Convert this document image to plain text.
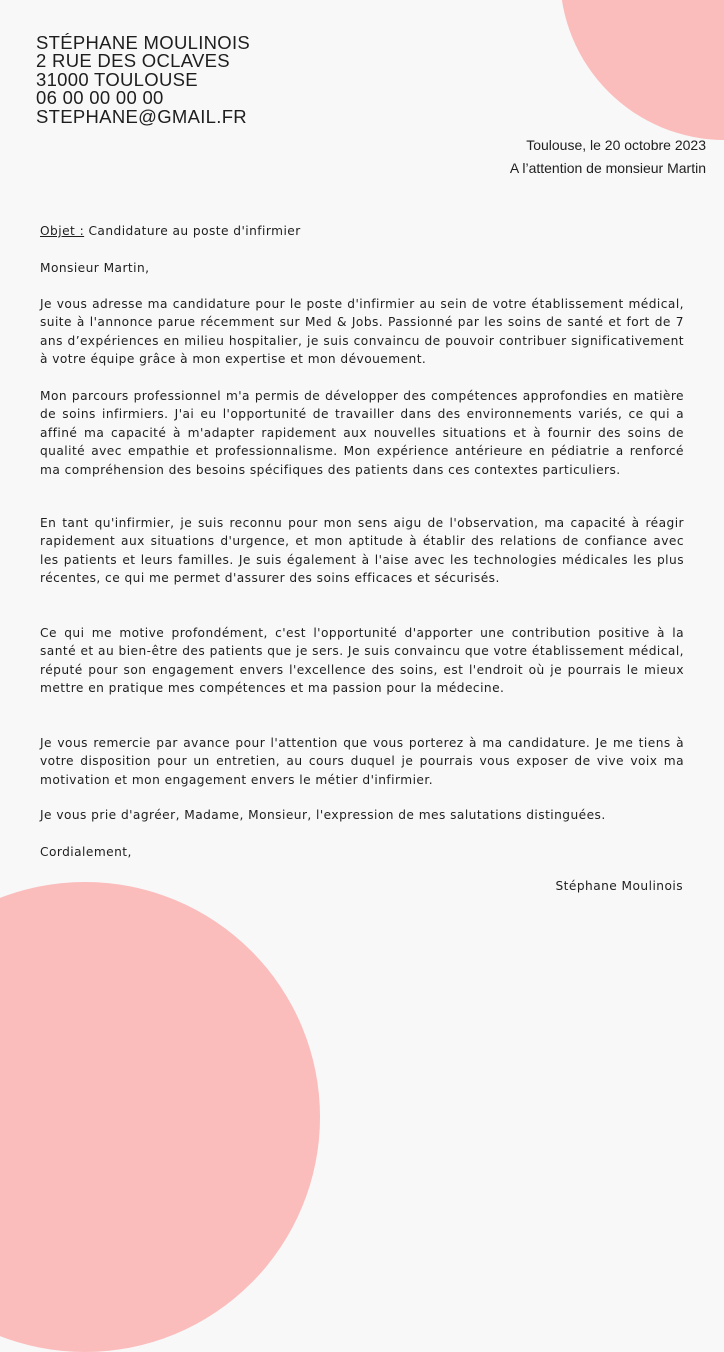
STÉPHANE MOULINOIS
2 RUE DES OCLAVES
31000 TOULOUSE
06 00 00 00 00
STEPHANE@GMAIL.FR
Toulouse, le 20 octobre 2023
A l’attention de monsieur Martin
Objet : Candidature au poste d'infirmier
Monsieur Martin,
Je vous adresse ma candidature pour le poste d'infirmier au sein de votre établissement médical, suite à l'annonce parue récemment sur Med & Jobs. Passionné par les soins de santé et fort de 7 ans d’expériences en milieu hospitalier, je suis convaincu de pouvoir contribuer significativement à votre équipe grâce à mon expertise et mon dévouement.
Mon parcours professionnel m'a permis de développer des compétences approfondies en matière de soins infirmiers. J'ai eu l'opportunité de travailler dans des environnements variés, ce qui a affiné ma capacité à m'adapter rapidement aux nouvelles situations et à fournir des soins de qualité avec empathie et professionnalisme. Mon expérience antérieure en pédiatrie a renforcé ma compréhension des besoins spécifiques des patients dans ces contextes particuliers.
En tant qu'infirmier, je suis reconnu pour mon sens aigu de l'observation, ma capacité à réagir rapidement aux situations d'urgence, et mon aptitude à établir des relations de confiance avec les patients et leurs familles. Je suis également à l'aise avec les technologies médicales les plus récentes, ce qui me permet d'assurer des soins efficaces et sécurisés.
Ce qui me motive profondément, c'est l'opportunité d'apporter une contribution positive à la santé et au bien-être des patients que je sers. Je suis convaincu que votre établissement médical, réputé pour son engagement envers l'excellence des soins, est l'endroit où je pourrais le mieux mettre en pratique mes compétences et ma passion pour la médecine.
Je vous remercie par avance pour l'attention que vous porterez à ma candidature. Je me tiens à votre disposition pour un entretien, au cours duquel je pourrais vous exposer de vive voix ma motivation et mon engagement envers le métier d'infirmier.
Je vous prie d'agréer, Madame, Monsieur, l'expression de mes salutations distinguées.
Cordialement,
Stéphane Moulinois
